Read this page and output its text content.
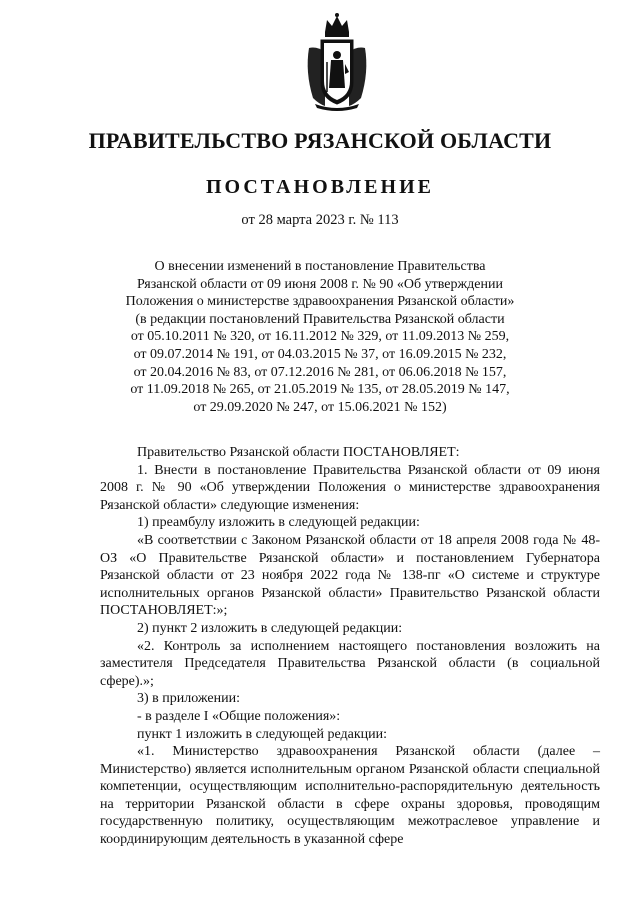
ПРАВИТЕЛЬСТВО РЯЗАНСКОЙ ОБЛАСТИ
ПОСТАНОВЛЕНИЕ
от 28 марта 2023 г. № 113
О внесении изменений в постановление Правительства
Рязанской области от 09 июня 2008 г. № 90 «Об утверждении
Положения о министерстве здравоохранения Рязанской области»
(в редакции постановлений Правительства Рязанской области
от 05.10.2011 № 320, от 16.11.2012 № 329, от 11.09.2013 № 259,
от 09.07.2014 № 191, от 04.03.2015 № 37, от 16.09.2015 № 232,
от 20.04.2016 № 83, от 07.12.2016 № 281, от 06.06.2018 № 157,
от 11.09.2018 № 265, от 21.05.2019 № 135, от 28.05.2019 № 147,
от 29.09.2020 № 247, от 15.06.2021 № 152)

Правительство Рязанской области ПОСТАНОВЛЯЕТ:

1. Внести в постановление Правительства Рязанской области от 09 июня 2008 г. № 90 «Об утверждении Положения о министерстве здравоохранения Рязанской области» следующие изменения:

1) преамбулу изложить в следующей редакции:

«В соответствии с Законом Рязанской области от 18 апреля 2008 года № 48-ОЗ «О Правительстве Рязанской области» и постановлением Губернатора Рязанской области от 23 ноября 2022 года № 138-пг «О системе и структуре исполнительных органов Рязанской области» Правительство Рязанской области ПОСТАНОВЛЯЕТ:»;

2) пункт 2 изложить в следующей редакции:

«2. Контроль за исполнением настоящего постановления возложить на заместителя Председателя Правительства Рязанской области (в социальной сфере).»;

3) в приложении:

- в разделе I «Общие положения»:

пункт 1 изложить в следующей редакции:

«1. Министерство здравоохранения Рязанской области (далее – Министерство) является исполнительным органом Рязанской области специальной компетенции, осуществляющим исполнительно-распорядительную деятельность на территории Рязанской области в сфере охраны здоровья, проводящим государственную политику, осуществляющим межотраслевое управление и координирующим деятельность в указанной сфере
